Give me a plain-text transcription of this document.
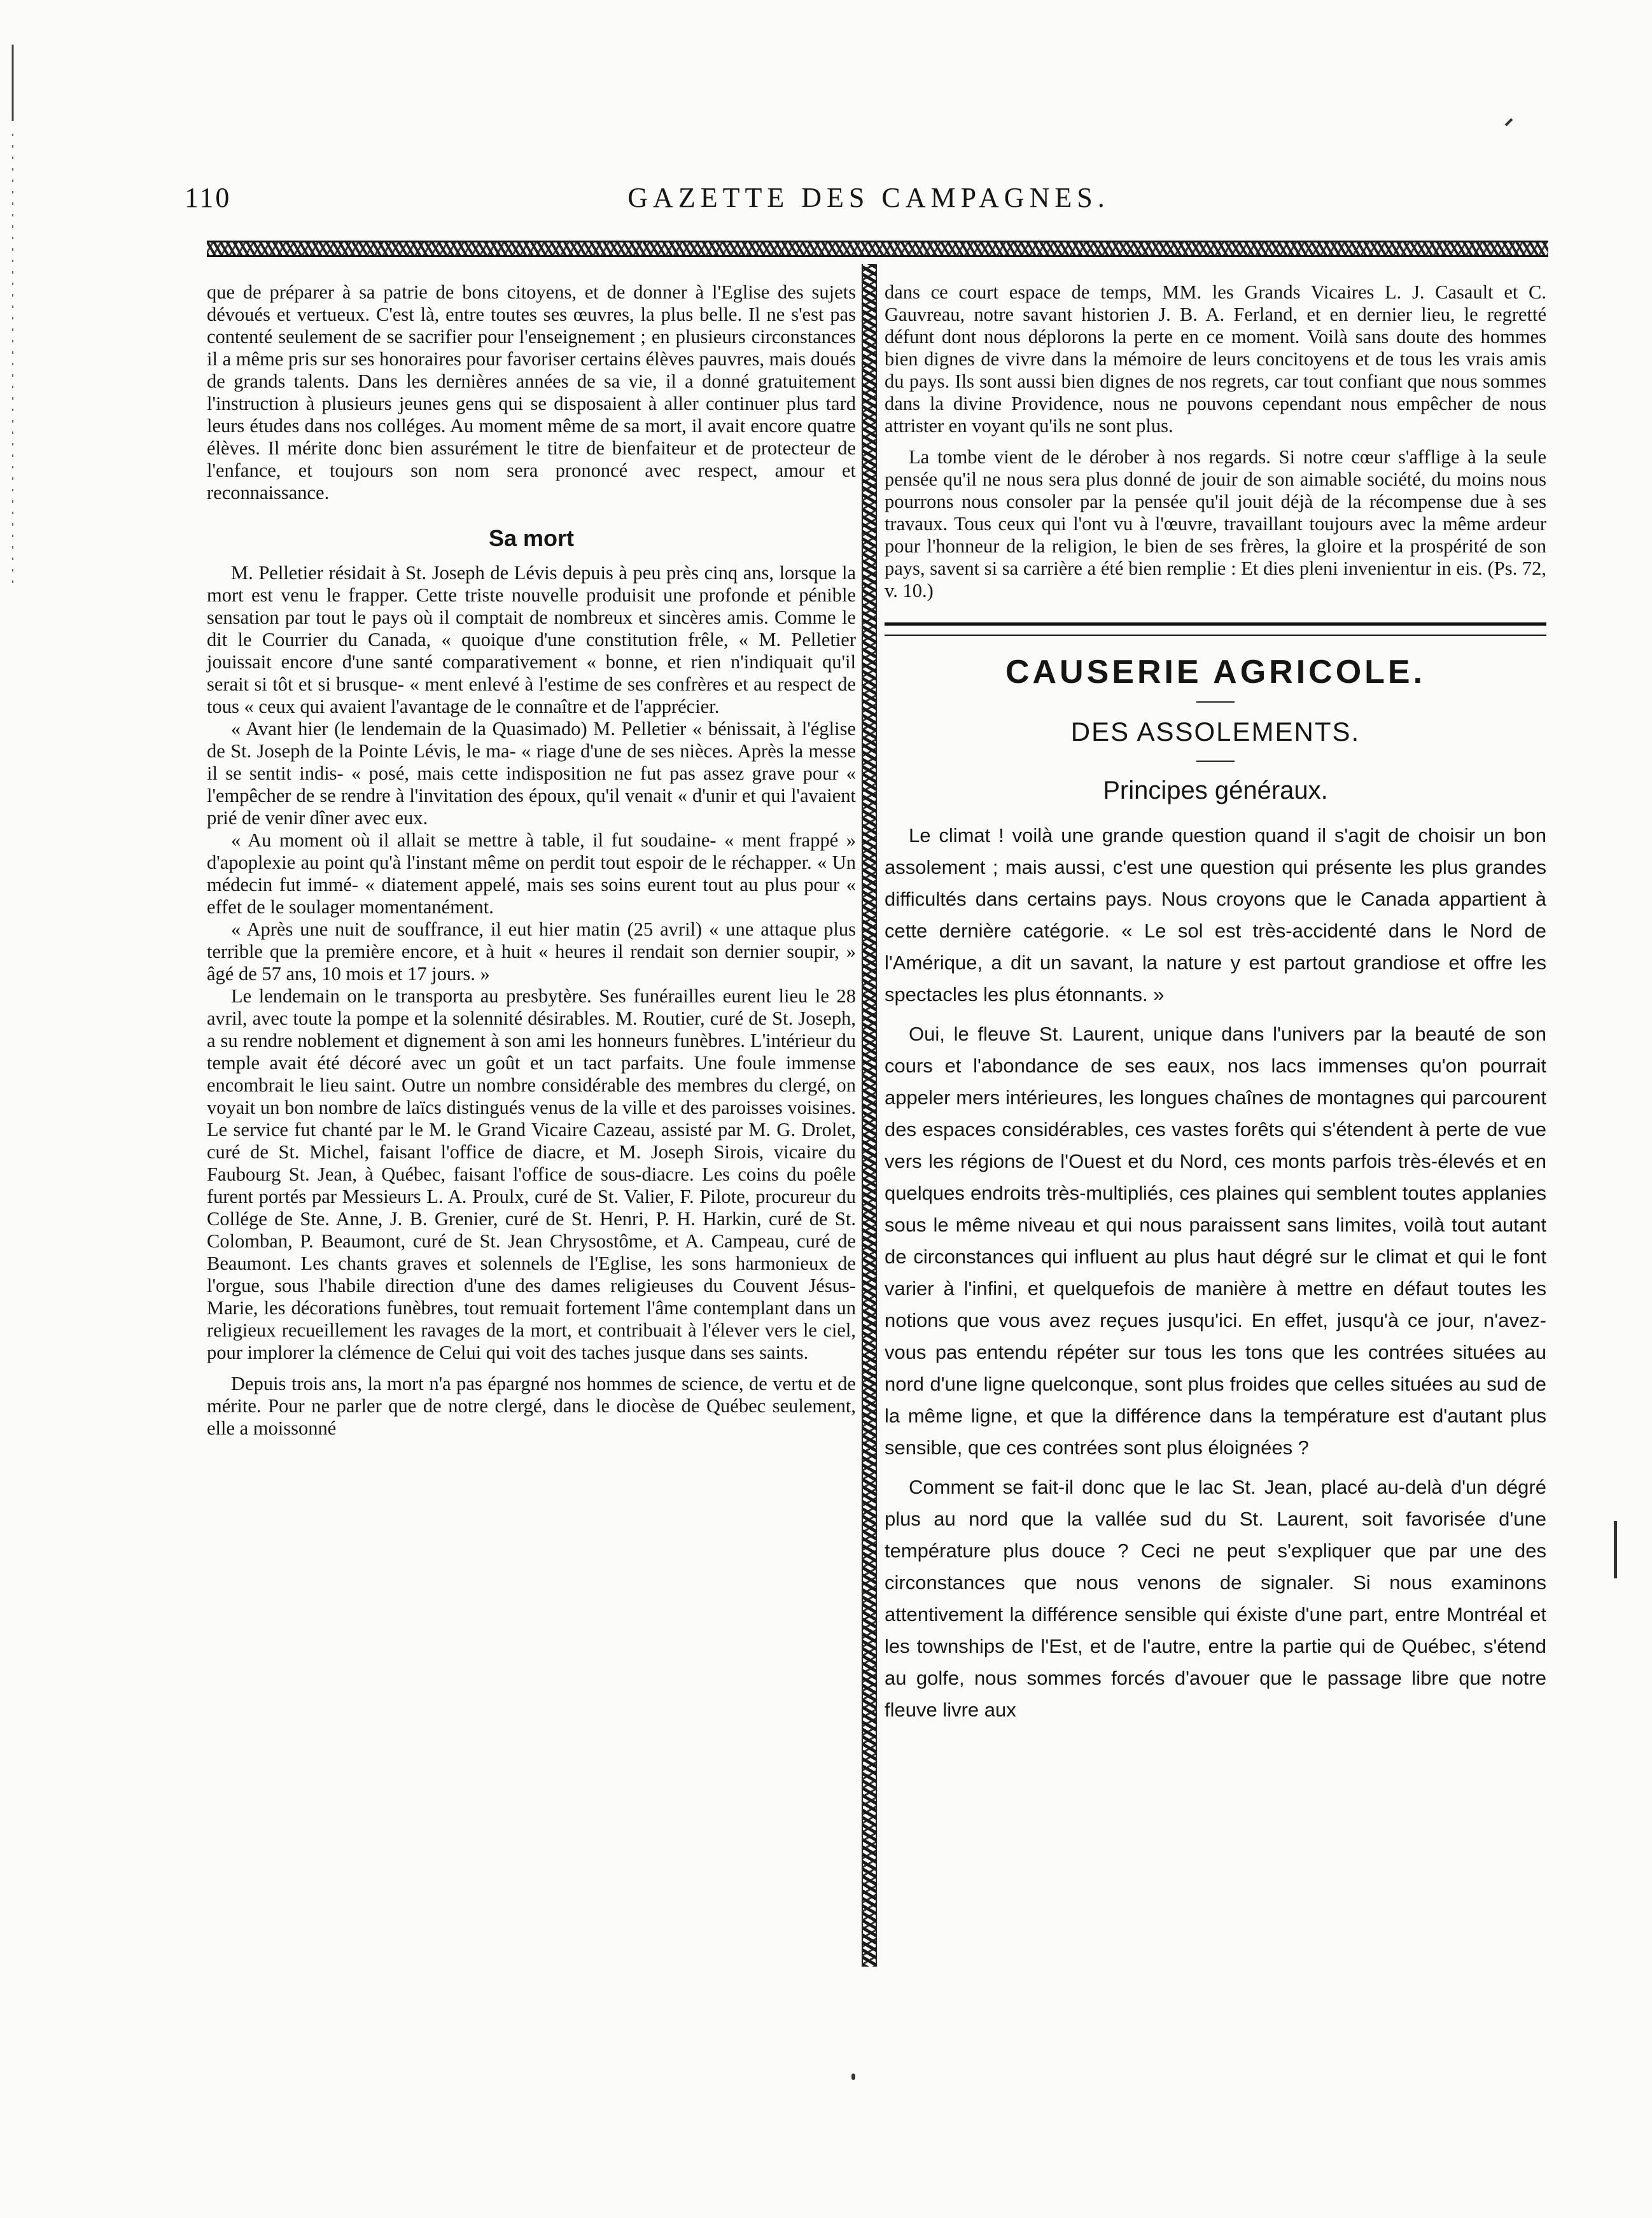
110	GAZETTE DES CAMPAGNES.

que de préparer à sa patrie de bons citoyens, et de donner à l'Eglise des sujets dévoués et vertueux. C'est là, entre toutes ses œuvres, la plus belle. Il ne s'est pas contenté seulement de se sacrifier pour l'enseignement ; en plusieurs circonstances il a même pris sur ses honoraires pour favoriser certains élèves pauvres, mais doués de grands talents. Dans les dernières années de sa vie, il a donné gratuitement l'instruction à plusieurs jeunes gens qui se disposaient à aller continuer plus tard leurs études dans nos colléges. Au moment même de sa mort, il avait encore quatre élèves. Il mérite donc bien assurément le titre de bienfaiteur et de protecteur de l'enfance, et toujours son nom sera prononcé avec respect, amour et reconnaissance.

Sa mort

M. Pelletier résidait à St. Joseph de Lévis depuis à peu près cinq ans, lorsque la mort est venu le frapper. Cette triste nouvelle produisit une profonde et pénible sensation par tout le pays où il comptait de nombreux et sincères amis. Comme le dit le Courrier du Canada, « quoique d'une constitution frêle, « M. Pelletier jouissait encore d'une santé comparativement « bonne, et rien n'indiquait qu'il serait si tôt et si brusque- « ment enlevé à l'estime de ses confrères et au respect de tous « ceux qui avaient l'avantage de le connaître et de l'apprécier.

« Avant hier (le lendemain de la Quasimado) M. Pelletier « bénissait, à l'église de St. Joseph de la Pointe Lévis, le ma- « riage d'une de ses nièces. Après la messe il se sentit indis- « posé, mais cette indisposition ne fut pas assez grave pour « l'empêcher de se rendre à l'invitation des époux, qu'il venait « d'unir et qui l'avaient prié de venir dîner avec eux.

« Au moment où il allait se mettre à table, il fut soudaine- « ment frappé » d'apoplexie au point qu'à l'instant même on perdit tout espoir de le réchapper. « Un médecin fut immé- « diatement appelé, mais ses soins eurent tout au plus pour « effet de le soulager momentanément.

« Après une nuit de souffrance, il eut hier matin (25 avril) « une attaque plus terrible que la première encore, et à huit « heures il rendait son dernier soupir, » âgé de 57 ans, 10 mois et 17 jours. »

Le lendemain on le transporta au presbytère. Ses funérailles eurent lieu le 28 avril, avec toute la pompe et la solennité désirables. M. Routier, curé de St. Joseph, a su rendre noblement et dignement à son ami les honneurs funèbres. L'intérieur du temple avait été décoré avec un goût et un tact parfaits. Une foule immense encombrait le lieu saint. Outre un nombre considérable des membres du clergé, on voyait un bon nombre de laïcs distingués venus de la ville et des paroisses voisines. Le service fut chanté par le M. le Grand Vicaire Cazeau, assisté par M. G. Drolet, curé de St. Michel, faisant l'office de diacre, et M. Joseph Sirois, vicaire du Faubourg St. Jean, à Québec, faisant l'office de sous-diacre. Les coins du poêle furent portés par Messieurs L. A. Proulx, curé de St. Valier, F. Pilote, procureur du Collége de Ste. Anne, J. B. Grenier, curé de St. Henri, P. H. Harkin, curé de St. Colomban, P. Beaumont, curé de St. Jean Chrysostôme, et A. Campeau, curé de Beaumont. Les chants graves et solennels de l'Eglise, les sons harmonieux de l'orgue, sous l'habile direction d'une des dames religieuses du Couvent Jésus-Marie, les décorations funèbres, tout remuait fortement l'âme contemplant dans un religieux recueillement les ravages de la mort, et contribuait à l'élever vers le ciel, pour implorer la clémence de Celui qui voit des taches jusque dans ses saints.

Depuis trois ans, la mort n'a pas épargné nos hommes de science, de vertu et de mérite. Pour ne parler que de notre clergé, dans le diocèse de Québec seulement, elle a moissonné

dans ce court espace de temps, MM. les Grands Vicaires L. J. Casault et C. Gauvreau, notre savant historien J. B. A. Ferland, et en dernier lieu, le regretté défunt dont nous déplorons la perte en ce moment. Voilà sans doute des hommes bien dignes de vivre dans la mémoire de leurs concitoyens et de tous les vrais amis du pays. Ils sont aussi bien dignes de nos regrets, car tout confiant que nous sommes dans la divine Providence, nous ne pouvons cependant nous empêcher de nous attrister en voyant qu'ils ne sont plus.

La tombe vient de le dérober à nos regards. Si notre cœur s'afflige à la seule pensée qu'il ne nous sera plus donné de jouir de son aimable société, du moins nous pourrons nous consoler par la pensée qu'il jouit déjà de la récompense due à ses travaux. Tous ceux qui l'ont vu à l'œuvre, travaillant toujours avec la même ardeur pour l'honneur de la religion, le bien de ses frères, la gloire et la prospérité de son pays, savent si sa carrière a été bien remplie : Et dies pleni invenientur in eis. (Ps. 72, v. 10.)

CAUSERIE AGRICOLE.
DES ASSOLEMENTS.
Principes généraux.

Le climat ! voilà une grande question quand il s'agit de choisir un bon assolement ; mais aussi, c'est une question qui présente les plus grandes difficultés dans certains pays. Nous croyons que le Canada appartient à cette dernière catégorie. « Le sol est très-accidenté dans le Nord de l'Amérique, a dit un savant, la nature y est partout grandiose et offre les spectacles les plus étonnants. »

Oui, le fleuve St. Laurent, unique dans l'univers par la beauté de son cours et l'abondance de ses eaux, nos lacs immenses qu'on pourrait appeler mers intérieures, les longues chaînes de montagnes qui parcourent des espaces considérables, ces vastes forêts qui s'étendent à perte de vue vers les régions de l'Ouest et du Nord, ces monts parfois très-élevés et en quelques endroits très-multipliés, ces plaines qui semblent toutes applanies sous le même niveau et qui nous paraissent sans limites, voilà tout autant de circonstances qui influent au plus haut dégré sur le climat et qui le font varier à l'infini, et quelquefois de manière à mettre en défaut toutes les notions que vous avez reçues jusqu'ici. En effet, jusqu'à ce jour, n'avez-vous pas entendu répéter sur tous les tons que les contrées situées au nord d'une ligne quelconque, sont plus froides que celles situées au sud de la même ligne, et que la différence dans la température est d'autant plus sensible, que ces contrées sont plus éloignées ?

Comment se fait-il donc que le lac St. Jean, placé au-delà d'un dégré plus au nord que la vallée sud du St. Laurent, soit favorisée d'une température plus douce ? Ceci ne peut s'expliquer que par une des circonstances que nous venons de signaler. Si nous examinons attentivement la différence sensible qui éxiste d'une part, entre Montréal et les townships de l'Est, et de l'autre, entre la partie qui de Québec, s'étend au golfe, nous sommes forcés d'avouer que le passage libre que notre fleuve livre aux
